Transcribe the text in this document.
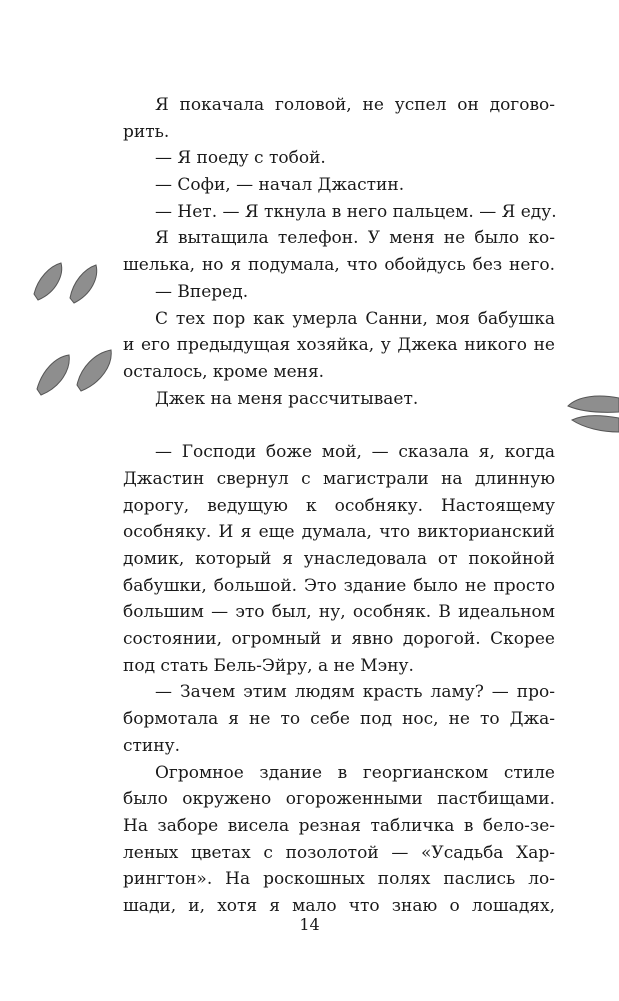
Я покачала головой, не успел он догово-
рить.
— Я поеду с тобой.
— Софи, — начал Джастин.
— Нет. — Я ткнула в него пальцем. — Я еду.
Я вытащила телефон. У меня не было ко-
шелька, но я подумала, что обойдусь без него.
— Вперед.
С тех пор как умерла Санни, моя бабушка
и его предыдущая хозяйка, у Джека никого не
осталось, кроме меня.
Джек на меня рассчитывает.
— Господи боже мой, — сказала я, когда
Джастин свернул с магистрали на длинную
дорогу, ведущую к особняку. Настоящему
особняку. И я еще думала, что викторианский
домик, который я унаследовала от покойной
бабушки, большой. Это здание было не просто
большим — это был, ну, особняк. В идеальном
состоянии, огромный и явно дорогой. Скорее
под стать Бель-Эйру, а не Мэну.
— Зачем этим людям красть ламу? — про-
бормотала я не то себе под нос, не то Джа-
стину.
Огромное здание в георгианском стиле
было окружено огороженными пастбищами.
На заборе висела резная табличка в бело-зе-
леных цветах с позолотой — «Усадьба Хар-
рингтон». На роскошных полях паслись ло-
шади, и, хотя я мало что знаю о лошадях,
14
